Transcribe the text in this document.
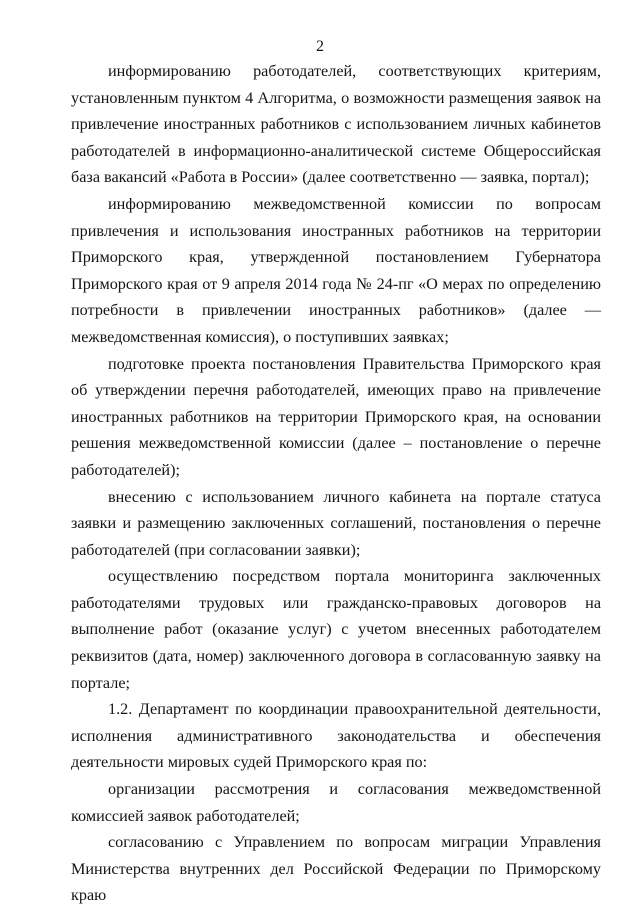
2

информированию работодателей, соответствующих критериям, установленным пунктом 4 Алгоритма, о возможности размещения заявок на привлечение иностранных работников с использованием личных кабинетов работодателей в информационно-аналитической системе Общероссийская база вакансий «Работа в России» (далее соответственно — заявка, портал);

информированию межведомственной комиссии по вопросам привлечения и использования иностранных работников на территории Приморского края, утвержденной постановлением Губернатора Приморского края от 9 апреля 2014 года № 24-пг «О мерах по определению потребности в привлечении иностранных работников» (далее — межведомственная комиссия), о поступивших заявках;

подготовке проекта постановления Правительства Приморского края об утверждении перечня работодателей, имеющих право на привлечение иностранных работников на территории Приморского края, на основании решения межведомственной комиссии (далее – постановление о перечне работодателей);

внесению с использованием личного кабинета на портале статуса заявки и размещению заключенных соглашений, постановления о перечне работодателей (при согласовании заявки);

осуществлению посредством портала мониторинга заключенных работодателями трудовых или гражданско-правовых договоров на выполнение работ (оказание услуг) с учетом внесенных работодателем реквизитов (дата, номер) заключенного договора в согласованную заявку на портале;

1.2. Департамент по координации правоохранительной деятельности, исполнения административного законодательства и обеспечения деятельности мировых судей Приморского края по:

организации рассмотрения и согласования межведомственной комиссией заявок работодателей;

согласованию с Управлением по вопросам миграции Управления Министерства внутренних дел Российской Федерации по Приморскому краю
